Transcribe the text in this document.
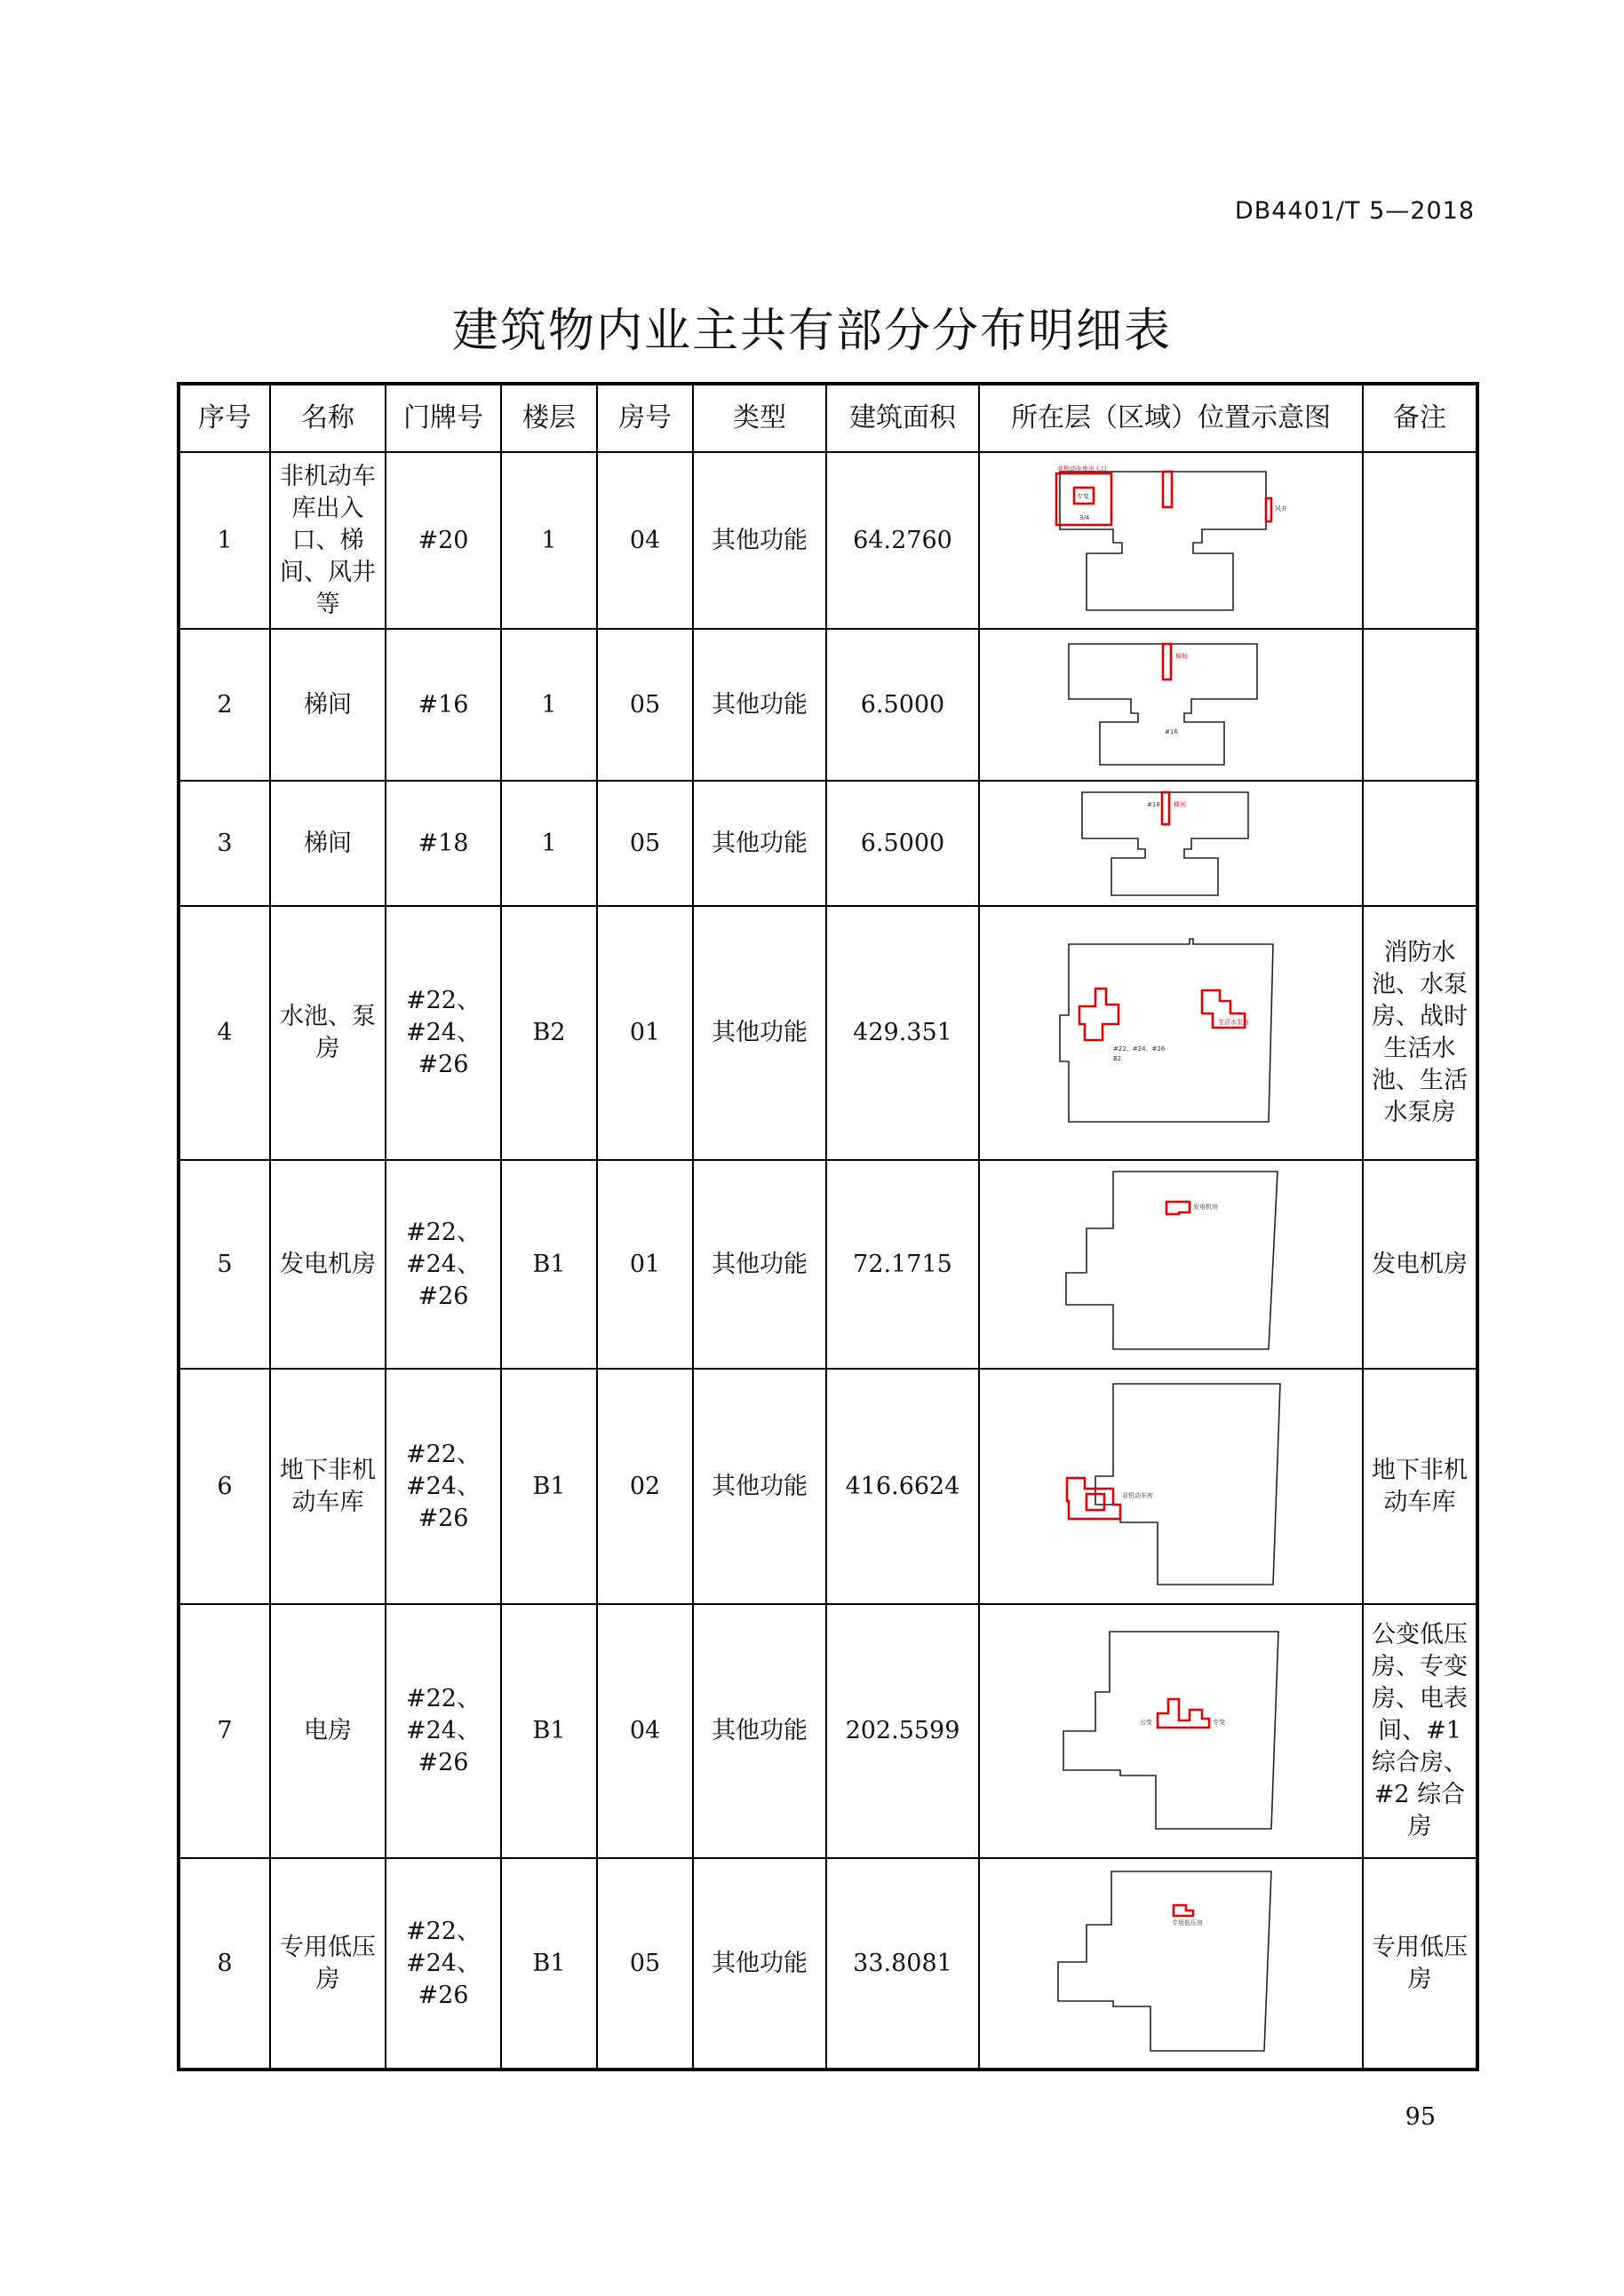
DB4401/T 5—2018
建筑物内业主共有部分分布明细表
序号	名称	门牌号	楼层	房号	类型	建筑面积	所在层（区域）位置示意图	备注
1	非机动车库出入口、梯间、风井等	#20	1	04	其他功能	64.2760	非机动车库出入口
专变
风井
3/4	

2	梯间	#16	1	05	其他功能	6.5000	梯间
#16	

3	梯间	#18	1	05	其他功能	6.5000	#18 梯间	

4	水池、泵房	#22、#24、#26	B2	01	其他功能	429.351	#22、#24、#26
B2
生活水泵房	消防水池、水泵房、战时生活水池、生活水泵房
5	发电机房	#22、#24、#26	B1	01	其他功能	72.1715	发电机房	发电机房
6	地下非机动车库	#22、#24、#26	B1	02	其他功能	416.6624	非机动车库	地下非机动车库
7	电房	#22、#24、#26	B1	04	其他功能	202.5599	公变 专变	公变低压房、专变房、电表间、#1 综合房、#2 综合房
8	专用低压房	#22、#24、#26	B1	05	其他功能	33.8081	专用低压房	专用低压房
95
